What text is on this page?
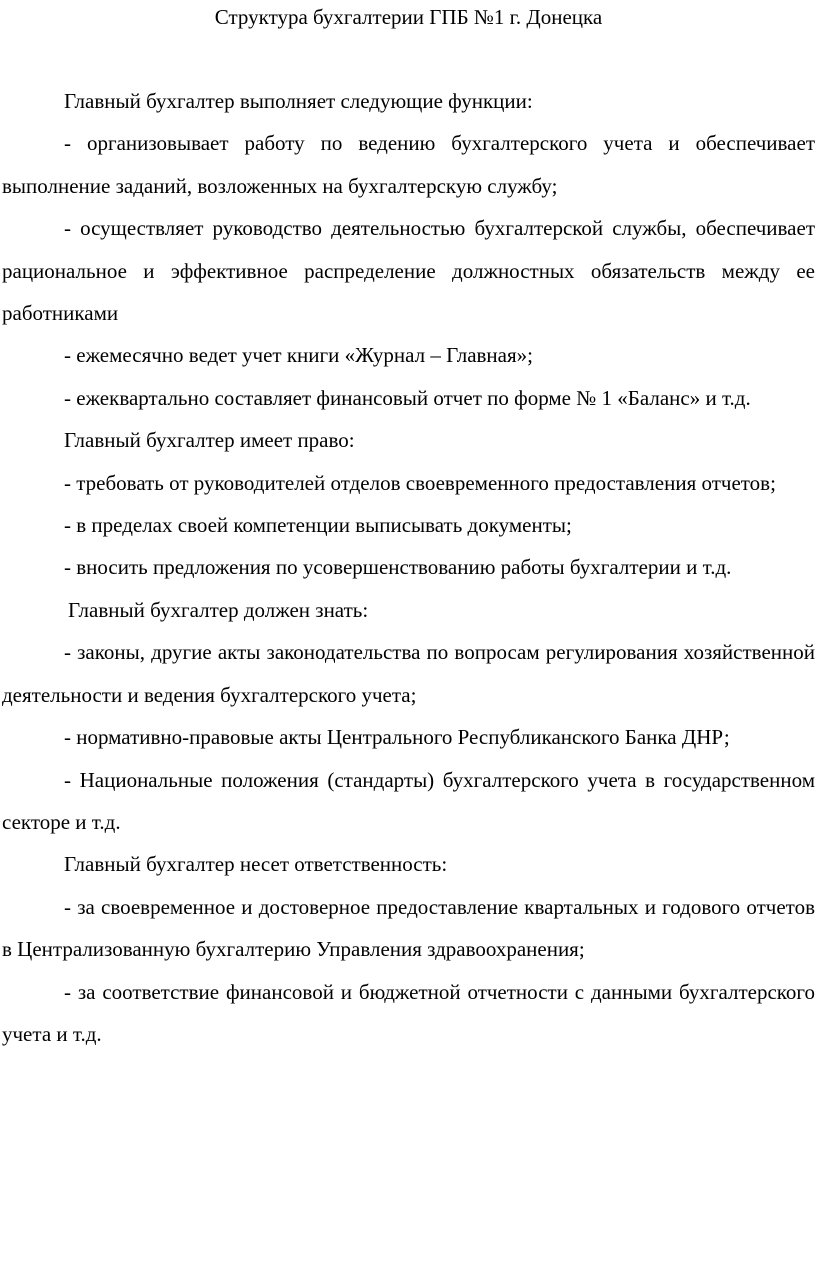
Структура бухгалтерии ГПБ №1 г. Донецка

Главный бухгалтер выполняет следующие функции:

- организовывает работу по ведению бухгалтерского учета и обеспечивает выполнение заданий, возложенных на бухгалтерскую службу;

- осуществляет руководство деятельностью бухгалтерской службы, обеспечивает рациональное и эффективное распределение должностных обязательств между ее работниками

- ежемесячно ведет учет книги «Журнал – Главная»;

- ежеквартально составляет финансовый отчет по форме № 1 «Баланс» и т.д.

Главный бухгалтер имеет право:

- требовать от руководителей отделов своевременного предоставления отчетов;

- в пределах своей компетенции выписывать документы;

- вносить предложения по усовершенствованию работы бухгалтерии и т.д.

Главный бухгалтер должен знать:

- законы, другие акты законодательства по вопросам регулирования хозяйственной деятельности и ведения бухгалтерского учета;

- нормативно-правовые акты Центрального Республиканского Банка ДНР;

- Национальные положения (стандарты) бухгалтерского учета в государственном секторе и т.д.

Главный бухгалтер несет ответственность:

- за своевременное и достоверное предоставление квартальных и годового отчетов в Централизованную бухгалтерию Управления здравоохранения;

- за соответствие финансовой и бюджетной отчетности с данными бухгалтерского учета и т.д.
